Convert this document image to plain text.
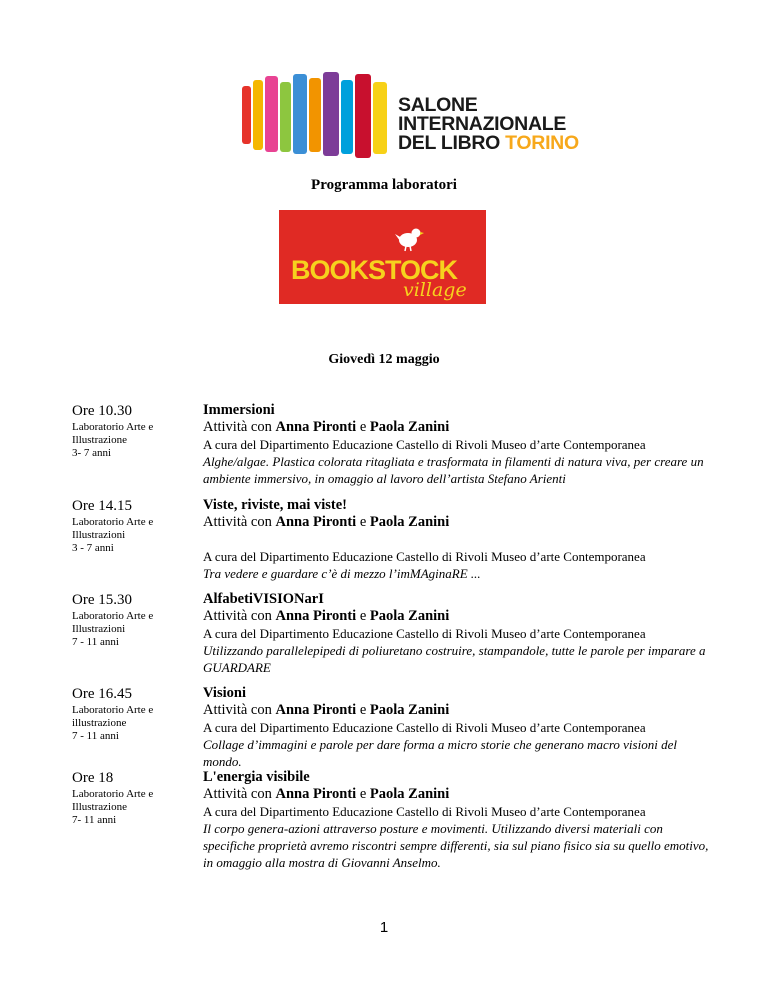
SALONE
INTERNAZIONALE
DEL LIBRO TORINO
Programma laboratori
BOOKSTOCK
village
Giovedì 12 maggio
Ore 10.30
Laboratorio Arte e
Illustrazione
3- 7 anni
Immersioni
Attività con Anna Pironti e Paola Zanini
A cura del Dipartimento Educazione Castello di Rivoli Museo d’arte Contemporanea
Alghe/algae. Plastica colorata ritagliata e trasformata in filamenti di natura viva, per creare un ambiente immersivo, in omaggio al lavoro dell’artista Stefano Arienti
Ore 14.15
Laboratorio Arte e
Illustrazioni
3 - 7 anni
Viste, riviste, mai viste!
Attività con Anna Pironti e Paola Zanini
A cura del Dipartimento Educazione Castello di Rivoli Museo d’arte Contemporanea
Tra vedere e guardare c’è di mezzo l’imMAginaRE ...
Ore 15.30
Laboratorio Arte e
Illustrazioni
7 - 11 anni
AlfabetiVISIONarI
Attività con Anna Pironti e Paola Zanini
A cura del Dipartimento Educazione Castello di Rivoli Museo d’arte Contemporanea
Utilizzando parallelepipedi di poliuretano costruire, stampandole, tutte le parole per imparare a GUARDARE
Ore 16.45
Laboratorio Arte e
illustrazione
7 - 11 anni
Visioni
Attività con Anna Pironti e Paola Zanini
A cura del Dipartimento Educazione Castello di Rivoli Museo d’arte Contemporanea
Collage d’immagini e parole per dare forma a micro storie che generano macro visioni del mondo.
Ore 18
Laboratorio Arte e
Illustrazione
7- 11 anni
L'energia visibile
Attività con Anna Pironti e Paola Zanini
A cura del Dipartimento Educazione Castello di Rivoli Museo d’arte Contemporanea
Il corpo genera-azioni attraverso posture e movimenti. Utilizzando diversi materiali con specifiche proprietà avremo riscontri sempre differenti, sia sul piano fisico sia su quello emotivo, in omaggio alla mostra di Giovanni Anselmo.
1
